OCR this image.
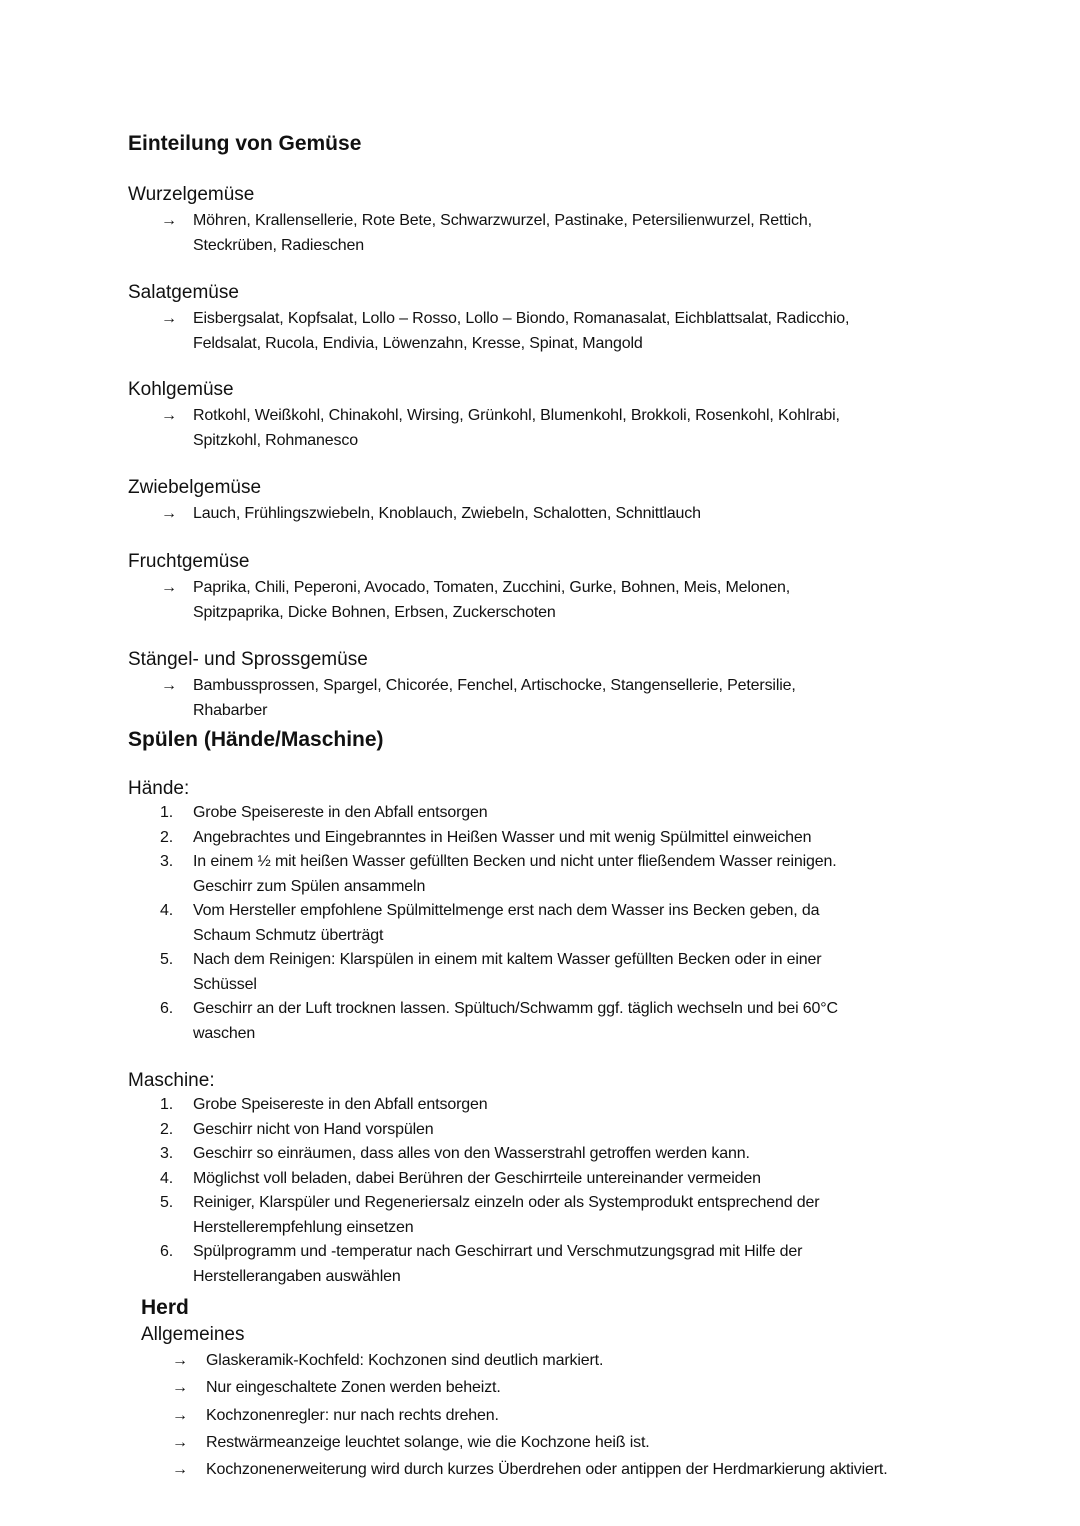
Einteilung von Gemüse
Wurzelgemüse
→ Möhren, Krallensellerie, Rote Bete, Schwarzwurzel, Pastinake, Petersilienwurzel, Rettich,
Steckrüben, Radieschen
Salatgemüse
→ Eisbergsalat, Kopfsalat, Lollo – Rosso, Lollo – Biondo, Romanasalat, Eichblattsalat, Radicchio,
Feldsalat, Rucola, Endivia, Löwenzahn, Kresse, Spinat, Mangold
Kohlgemüse
→ Rotkohl, Weißkohl, Chinakohl, Wirsing, Grünkohl, Blumenkohl, Brokkoli, Rosenkohl, Kohlrabi,
Spitzkohl, Rohmanesco
Zwiebelgemüse
→ Lauch, Frühlingszwiebeln, Knoblauch, Zwiebeln, Schalotten, Schnittlauch
Fruchtgemüse
→ Paprika, Chili, Peperoni, Avocado, Tomaten, Zucchini, Gurke, Bohnen, Meis, Melonen,
Spitzpaprika, Dicke Bohnen, Erbsen, Zuckerschoten
Stängel- und Sprossgemüse
→ Bambussprossen, Spargel, Chicorée, Fenchel, Artischocke, Stangensellerie, Petersilie,
Rhabarber
Spülen (Hände/Maschine)
Hände:
1. Grobe Speisereste in den Abfall entsorgen
2. Angebrachtes und Eingebranntes in Heißen Wasser und mit wenig Spülmittel einweichen
3. In einem ½ mit heißen Wasser gefüllten Becken und nicht unter fließendem Wasser reinigen.
Geschirr zum Spülen ansammeln
4. Vom Hersteller empfohlene Spülmittelmenge erst nach dem Wasser ins Becken geben, da
Schaum Schmutz überträgt
5. Nach dem Reinigen: Klarspülen in einem mit kaltem Wasser gefüllten Becken oder in einer
Schüssel
6. Geschirr an der Luft trocknen lassen. Spültuch/Schwamm ggf. täglich wechseln und bei 60°C
waschen
Maschine:
1. Grobe Speisereste in den Abfall entsorgen
2. Geschirr nicht von Hand vorspülen
3. Geschirr so einräumen, dass alles von den Wasserstrahl getroffen werden kann.
4. Möglichst voll beladen, dabei Berühren der Geschirrteile untereinander vermeiden
5. Reiniger, Klarspüler und Regeneriersalz einzeln oder als Systemprodukt entsprechend der
Herstellerempfehlung einsetzen
6. Spülprogramm und -temperatur nach Geschirrart und Verschmutzungsgrad mit Hilfe der
Herstellerangaben auswählen
Herd
Allgemeines
→ Glaskeramik-Kochfeld: Kochzonen sind deutlich markiert.
→ Nur eingeschaltete Zonen werden beheizt.
→ Kochzonenregler: nur nach rechts drehen.
→ Restwärmeanzeige leuchtet solange, wie die Kochzone heiß ist.
→ Kochzonenerweiterung wird durch kurzes Überdrehen oder antippen der Herdmarkierung aktiviert.
